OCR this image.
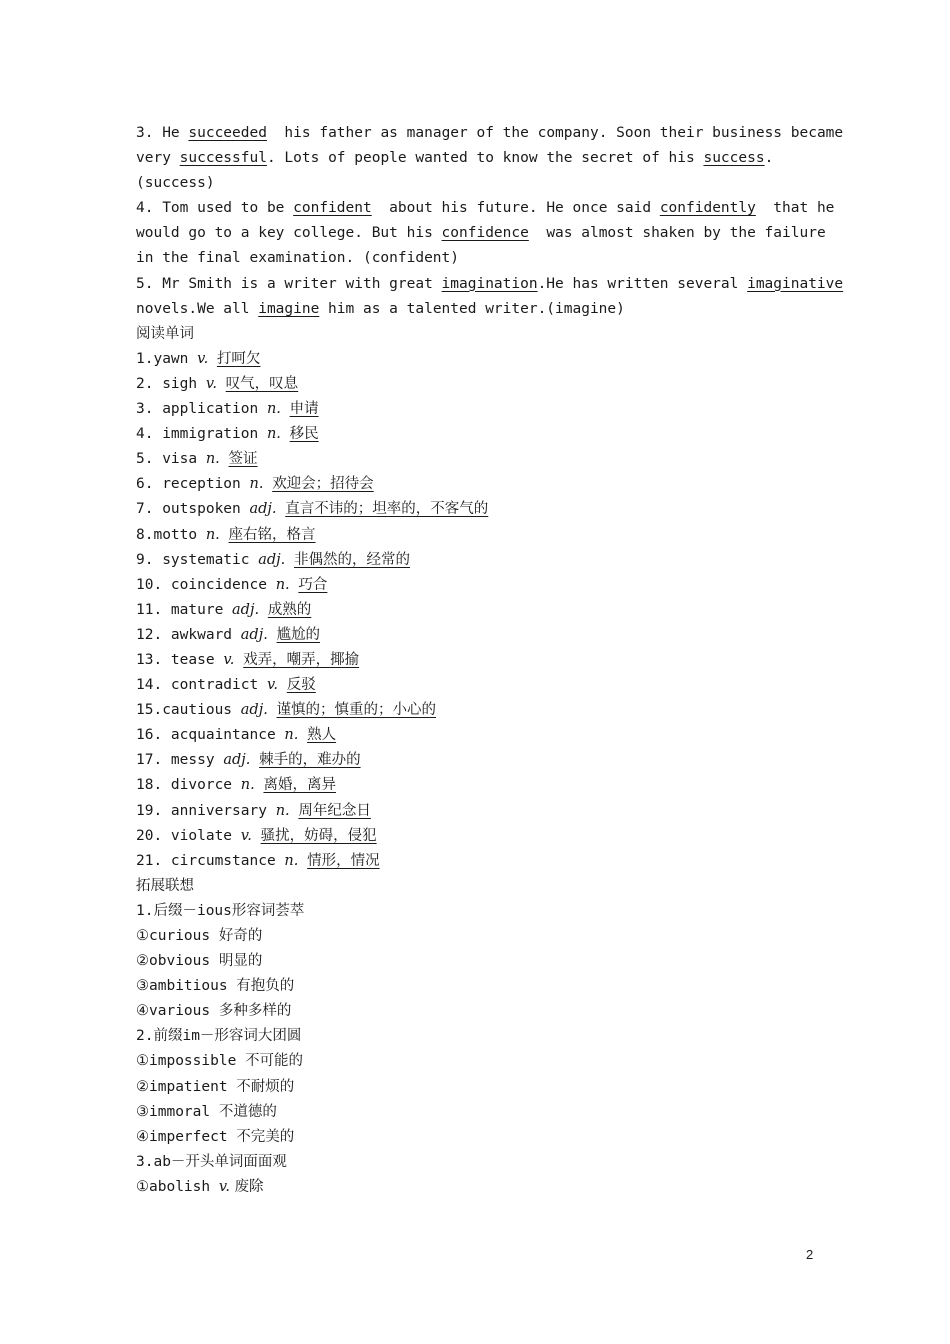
3. He succeeded  his father as manager of the company. Soon their business became
very successful. Lots of people wanted to know the secret of his success.
(success)
4. Tom used to be confident  about his future. He once said confidently  that he
would go to a key college. But his confidence  was almost shaken by the failure
in the final examination. (confident)
5. Mr Smith is a writer with great imagination.He has written several imaginative
novels.We all imagine him as a talented writer.(imagine)
阅读单词
1.yawn v. 打呵欠
2. sigh v. 叹气，叹息
3. application n. 申请
4. immigration n. 移民
5. visa n. 签证
6. reception n. 欢迎会；招待会
7. outspoken adj. 直言不讳的；坦率的，不客气的
8.motto n. 座右铭，格言
9. systematic adj. 非偶然的，经常的
10. coincidence n. 巧合
11. mature adj. 成熟的
12. awkward adj. 尴尬的
13. tease v. 戏弄，嘲弄，揶揄
14. contradict v. 反驳
15.cautious adj. 谨慎的；慎重的；小心的
16. acquaintance n. 熟人
17. messy adj. 棘手的，难办的
18. divorce n. 离婚，离异
19. anniversary n. 周年纪念日
20. violate v. 骚扰，妨碍，侵犯
21. circumstance n. 情形，情况
拓展联想
1.后缀－ious形容词荟萃
①curious 好奇的
②obvious 明显的
③ambitious 有抱负的
④various 多种多样的
2.前缀im－形容词大团圆
①impossible 不可能的
②impatient 不耐烦的
③immoral 不道德的
④imperfect 不完美的
3.ab－开头单词面面观
①abolish v. 废除
2
